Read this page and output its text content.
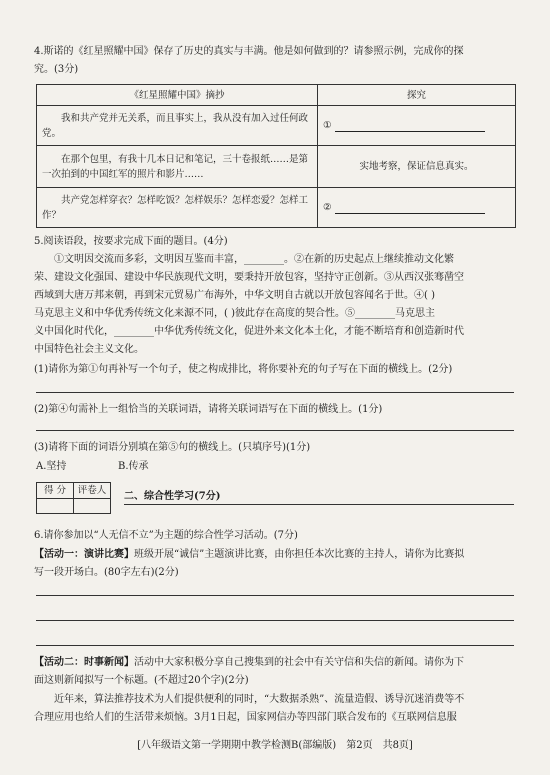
4.斯诺的《红星照耀中国》保存了历史的真实与丰满。他是如何做到的？请参照示例，完成你的探
究。(3分)
《红星照耀中国》摘抄	探究
我和共产党并无关系，而且事实上，我从没有加入过任何政党。	①
在那个包里，有我十几本日记和笔记，三十卷报纸……是第一次拍到的中国红军的照片和影片……	实地考察，保证信息真实。
共产党怎样穿衣？怎样吃饭？怎样娱乐？怎样恋爱？怎样工作？	②
5.阅读语段，按要求完成下面的题目。(4分)
①文明因交流而多彩，文明因互鉴而丰富，________。②在新的历史起点上继续推动文化繁
荣、建设文化强国、建设中华民族现代文明，要秉持开放包容，坚持守正创新。③从西汉张骞凿空
西域到大唐万邦来朝，再到宋元贸易广布海外，中华文明自古就以开放包容闻名于世。④( )
马克思主义和中华优秀传统文化来源不同，( )彼此存在高度的契合性。⑤________马克思主
义中国化时代化，________中华优秀传统文化，促进外来文化本土化，才能不断培育和创造新时代
中国特色社会主义文化。
(1)请你为第①句再补写一个句子，使之构成排比，将你要补充的句子写在下面的横线上。(2分)
(2)第④句需补上一组恰当的关联词语，请将关联词语写在下面的横线上。(1分)
(3)请将下面的词语分别填在第⑤句的横线上。(只填序号)(1分)
A.坚持	B.传承
得 分	评卷人

二、综合性学习(7分)
6.请你参加以“人无信不立”为主题的综合性学习活动。(7分)
【活动一：演讲比赛】班级开展“诚信”主题演讲比赛，由你担任本次比赛的主持人，请你为比赛拟
写一段开场白。(80字左右)(2分)
【活动二：时事新闻】活动中大家积极分享自己搜集到的社会中有关守信和失信的新闻。请你为下
面这则新闻拟写一个标题。(不超过20个字)(2分)
近年来，算法推荐技术为人们提供便利的同时，“大数据杀熟”、流量造假、诱导沉迷消费等不
合理应用也给人们的生活带来烦恼。3月1日起，国家网信办等四部门联合发布的《互联网信息服
[八年级语文第一学期期中教学检测B(部编版)　第2页　共8页]
